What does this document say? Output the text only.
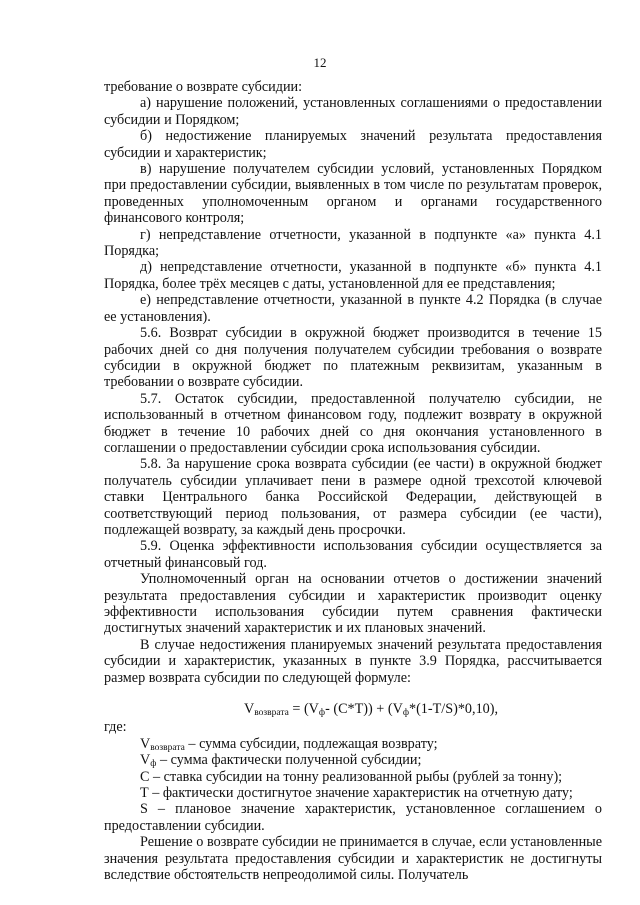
12

требование о возврате субсидии:

а) нарушение положений, установленных соглашениями о предоставлении субсидии и Порядком;

б) недостижение планируемых значений результата предоставления субсидии и характеристик;

в) нарушение получателем субсидии условий, установленных Порядком при предоставлении субсидии, выявленных в том числе по результатам проверок, проведенных уполномоченным органом и органами государственного финансового контроля;

г) непредставление отчетности, указанной в подпункте «а» пункта 4.1 Порядка;

д) непредставление отчетности, указанной в подпункте «б» пункта 4.1 Порядка, более трёх месяцев с даты, установленной для ее представления;

е) непредставление отчетности, указанной в пункте 4.2 Порядка (в случае ее установления).

5.6. Возврат субсидии в окружной бюджет производится в течение 15 рабочих дней со дня получения получателем субсидии требования о возврате субсидии в окружной бюджет по платежным реквизитам, указанным в требовании о возврате субсидии.

5.7. Остаток субсидии, предоставленной получателю субсидии, не использованный в отчетном финансовом году, подлежит возврату в окружной бюджет в течение 10 рабочих дней со дня окончания установленного в соглашении о предоставлении субсидии срока использования субсидии.

5.8. За нарушение срока возврата субсидии (ее части) в окружной бюджет получатель субсидии уплачивает пени в размере одной трехсотой ключевой ставки Центрального банка Российской Федерации, действующей в соответствующий период пользования, от размера субсидии (ее части), подлежащей возврату, за каждый день просрочки.

5.9. Оценка эффективности использования субсидии осуществляется за отчетный финансовый год.

Уполномоченный орган на основании отчетов о достижении значений результата предоставления субсидии и характеристик производит оценку эффективности использования субсидии путем сравнения фактически достигнутых значений характеристик и их плановых значений.

В случае недостижения планируемых значений результата предоставления субсидии и характеристик, указанных в пункте 3.9 Порядка, рассчитывается размер возврата субсидии по следующей формуле:

$V_{возврата} = (V_ф-$ $(C*T)) + (V_ф*(1-T/S)*0,10)$,

где:

$V_{возврата}$ – сумма субсидии, подлежащая возврату;

$V_ф$ – сумма фактически полученной субсидии;

С – ставка субсидии на тонну реализованной рыбы (рублей за тонну);

Т – фактически достигнутое значение характеристик на отчетную дату;

S – плановое значение характеристик, установленное соглашением о предоставлении субсидии.

Решение о возврате субсидии не принимается в случае, если установленные значения результата предоставления субсидии и характеристик не достигнуты вследствие обстоятельств непреодолимой силы. Получатель
